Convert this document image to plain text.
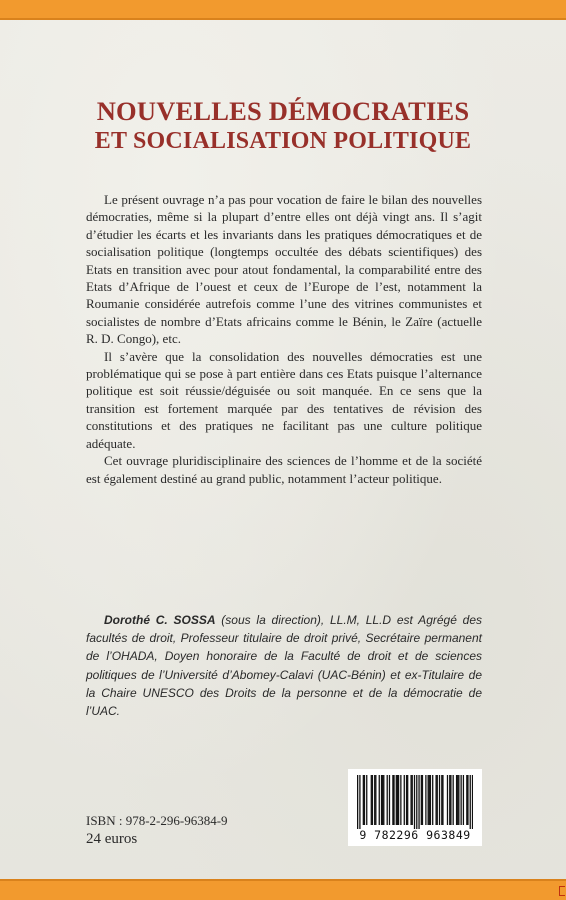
NOUVELLES DÉMOCRATIES
ET SOCIALISATION POLITIQUE

Le présent ouvrage n’a pas pour vocation de faire le bilan des nouvelles démocraties, même si la plupart d’entre elles ont déjà vingt ans. Il s’agit d’étudier les écarts et les invariants dans les pratiques démocratiques et de socialisation politique (longtemps occultée des débats scientifiques) des Etats en transition avec pour atout fondamental, la comparabilité entre des Etats d’Afrique de l’ouest et ceux de l’Europe de l’est, notamment la Roumanie considérée autrefois comme l’une des vitrines communistes et socialistes de nombre d’Etats africains comme le Bénin, le Zaïre (actuelle R. D. Congo), etc.

Il s’avère que la consolidation des nouvelles démocraties est une problématique qui se pose à part entière dans ces Etats puisque l’alternance politique est soit réussie/déguisée ou soit manquée. En ce sens que la transition est fortement marquée par des tentatives de révision des constitutions et des pratiques ne facilitant pas une culture politique adéquate.

Cet ouvrage pluridisciplinaire des sciences de l’homme et de la société est également destiné au grand public, notamment l’acteur politique.

Dorothé C. SOSSA (sous la direction), LL.M, LL.D est Agrégé des facultés de droit, Professeur titulaire de droit privé, Secrétaire permanent de l’OHADA, Doyen honoraire de la Faculté de droit et de sciences politiques de l’Université d’Abomey-Calavi (UAC-Bénin) et ex-Titulaire de la Chaire UNESCO des Droits de la personne et de la démocratie de l’UAC.
ISBN : 978-2-296-96384-9
24 euros	9 782296 963849
